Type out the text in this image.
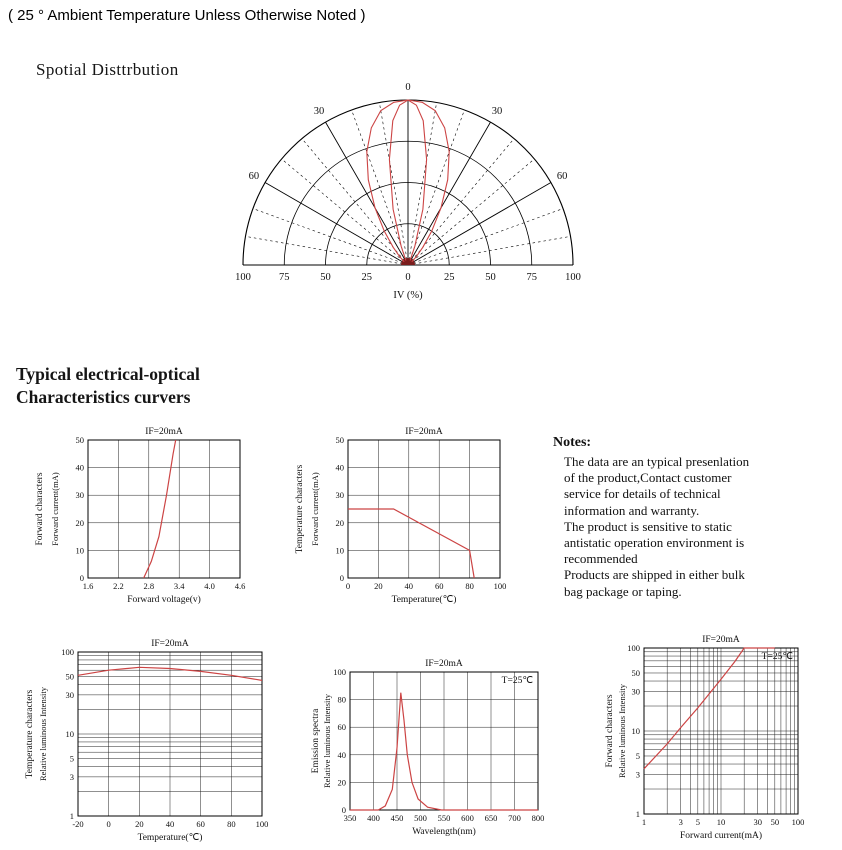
( 25 ° Ambient Temperature Unless Otherwise Noted )
Spotial Disttrbution
0
30	30
60	60
100	75	50	25	0	25	50	75	100
IV (%)
Typical electrical-optical
Characteristics curvers
1.6 2.2 2.8 3.4 4.0 4.6
0
10
20
30
40
50
Forward voltage(v)
Forward characters Forward current(mA)
IF=20mA
0	20	40	60	80 100
0
10
20
30
40
50
Temperature(℃)
Temperature characters Forward current(mA)
IF=20mA
Notes:
The data are an typical presenlation
of the product,Contact customer
service for details of technical
information and warranty.
The product is sensitive to static
antistatic operation environment is
recommended
Products are shipped in either bulk
bag package or taping.
-20	0	20	40	60	80 100
1
3
5
10
30
50
100
Temperature(℃)
Temperature characters Relative luminous Intensity
IF=20mA
350 400 450 500 550 600 650 700 800
0
20
40
60
80
100
Wavelength(nm)
Emission spectra Relative luminous Intensity
IF=20mA
T=25℃
1	3 5 10	30 50 100
1
3
5
10
30
50
100
Forward current(mA)
Forward characters Relative luminous Intensity
IF=20mA
T=25℃
